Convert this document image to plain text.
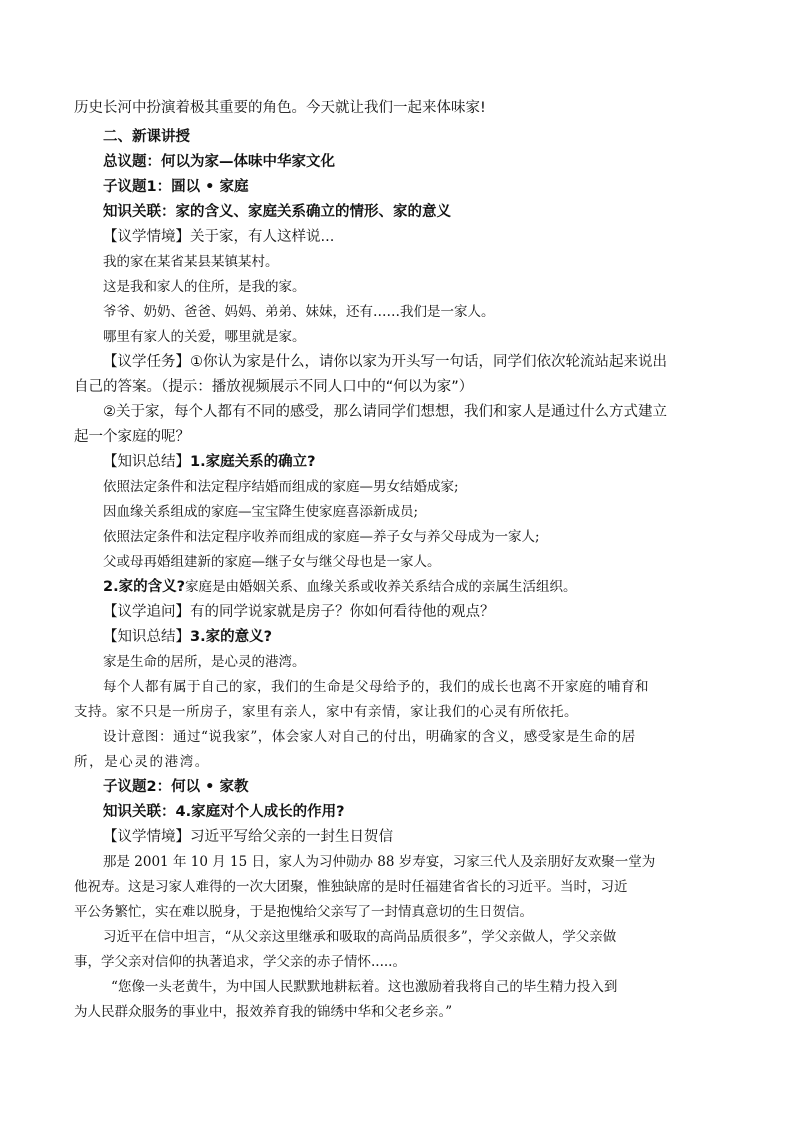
历史长河中扮演着极其重要的角色。今天就让我们一起来体味家!
二、新课讲授
总议题：何以为家—体味中华家文化
子议题1：圄以 • 家庭
知识关联：家的含义、家庭关系确立的情形、家的意义
【议学情境】关于家，有人这样说...
我的家在某省某县某镇某村。
这是我和家人的住所，是我的家。
爷爷、奶奶、爸爸、妈妈、弟弟、妹妹，还有……我们是一家人。
哪里有家人的关爱，哪里就是家。
【议学任务】①你认为家是什么，请你以家为开头写一句话，同学们依次轮流站起来说出
自己的答案。（提示：播放视频展示不同人口中的“何以为家”）
②关于家，每个人都有不同的感受，那么请同学们想想，我们和家人是通过什么方式建立
起一个家庭的呢？
【知识总结】1.家庭关系的确立?
依照法定条件和法定程序结婚而组成的家庭—男女结婚成家;
因血缘关系组成的家庭—宝宝降生使家庭喜添新成员;
依照法定条件和法定程序收养而组成的家庭—养子女与养父母成为一家人;
父或母再婚组建新的家庭—继子女与继父母也是一家人。
2.家的含义?家庭是由婚姻关系、血缘关系或收养关系结合成的亲属生活组织。
【议学追问】有的同学说家就是房子？你如何看待他的观点？
【知识总结】3.家的意义?
家是生命的居所，是心灵的港湾。
每个人都有属于自己的家，我们的生命是父母给予的，我们的成长也离不开家庭的哺育和
支持。家不只是一所房子，家里有亲人，家中有亲情，家让我们的心灵有所依托。
设计意图：通过“说我家”，体会家人对自己的付出，明确家的含义，感受家是生命的居
所，是心灵的港湾。
子议题2：何以 • 家教
知识关联：4.家庭对个人成长的作用?
【议学情境】习近平写给父亲的一封生日贺信
那是 2001 年 10 月 15 日，家人为习仲勋办 88 岁寿宴，习家三代人及亲朋好友欢聚一堂为
他祝寿。这是习家人难得的一次大团聚，惟独缺席的是时任福建省省长的习近平。当时，习近
平公务繁忙，实在难以脱身，于是抱愧给父亲写了一封情真意切的生日贺信。
习近平在信中坦言，“从父亲这里继承和吸取的高尚品质很多”，学父亲做人，学父亲做
事，学父亲对信仰的执著追求，学父亲的赤子情怀.....。
“您像一头老黄牛，为中国人民默默地耕耘着。这也激励着我将自己的毕生精力投入到
为人民群众服务的事业中，报效养育我的锦绣中华和父老乡亲。”
